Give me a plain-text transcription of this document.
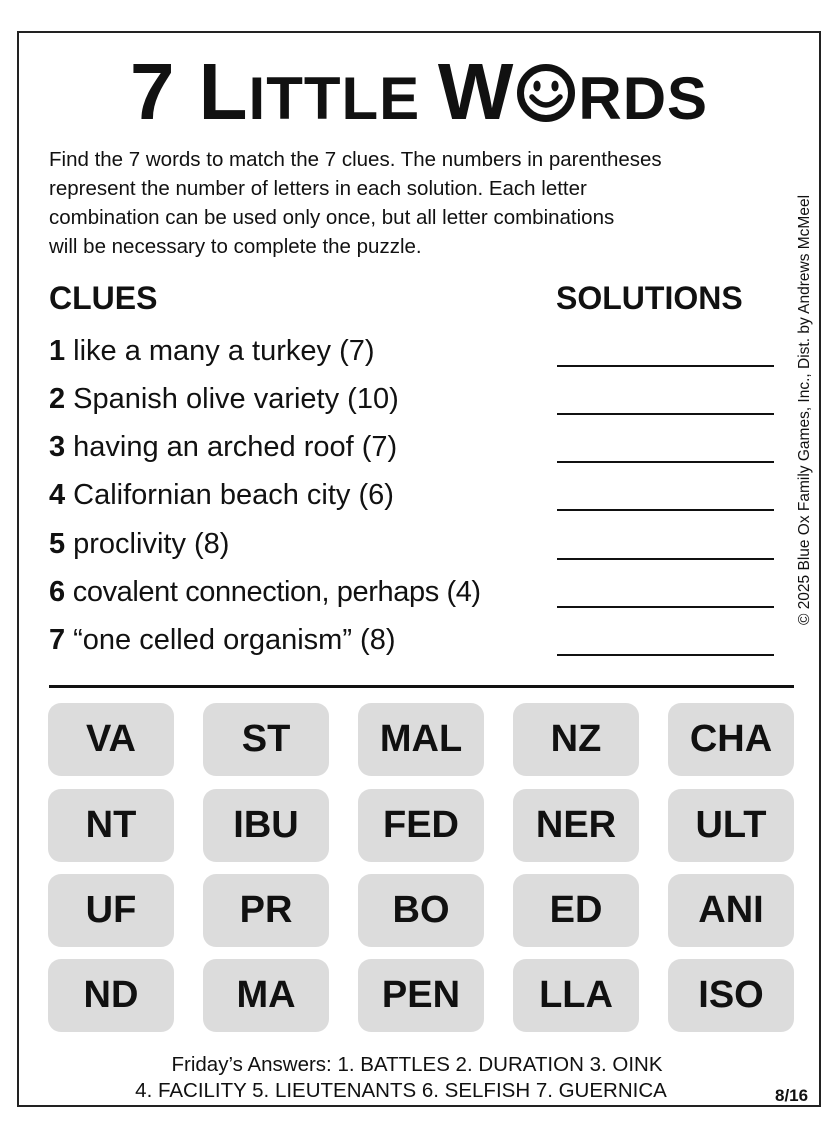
7 LITTLE W RDS

Find the 7 words to match the 7 clues. The numbers in parentheses

represent the number of letters in each solution. Each letter

combination can be used only once, but all letter combinations

will be necessary to complete the puzzle.	© 2025 Blue Ox Family Games, Inc., Dist. by Andrews McMeel
CLUES	SOLUTIONS
1 like a many a turkey (7)
2 Spanish olive variety (10)
3 having an arched roof (7)
4 Californian beach city (6)
5 proclivity (8)
6 covalent connection, perhaps (4)
7 “one celled organism” (8)
VA	ST	MAL	NZ	CHA
NT	IBU	FED	NER	ULT
UF	PR	BO	ED	ANI
ND	MA	PEN	LLA	ISO
Friday’s Answers: 1. BATTLES 2. DURATION 3. OINK
4. FACILITY 5. LIEUTENANTS 6. SELFISH 7. GUERNICA	8/16
